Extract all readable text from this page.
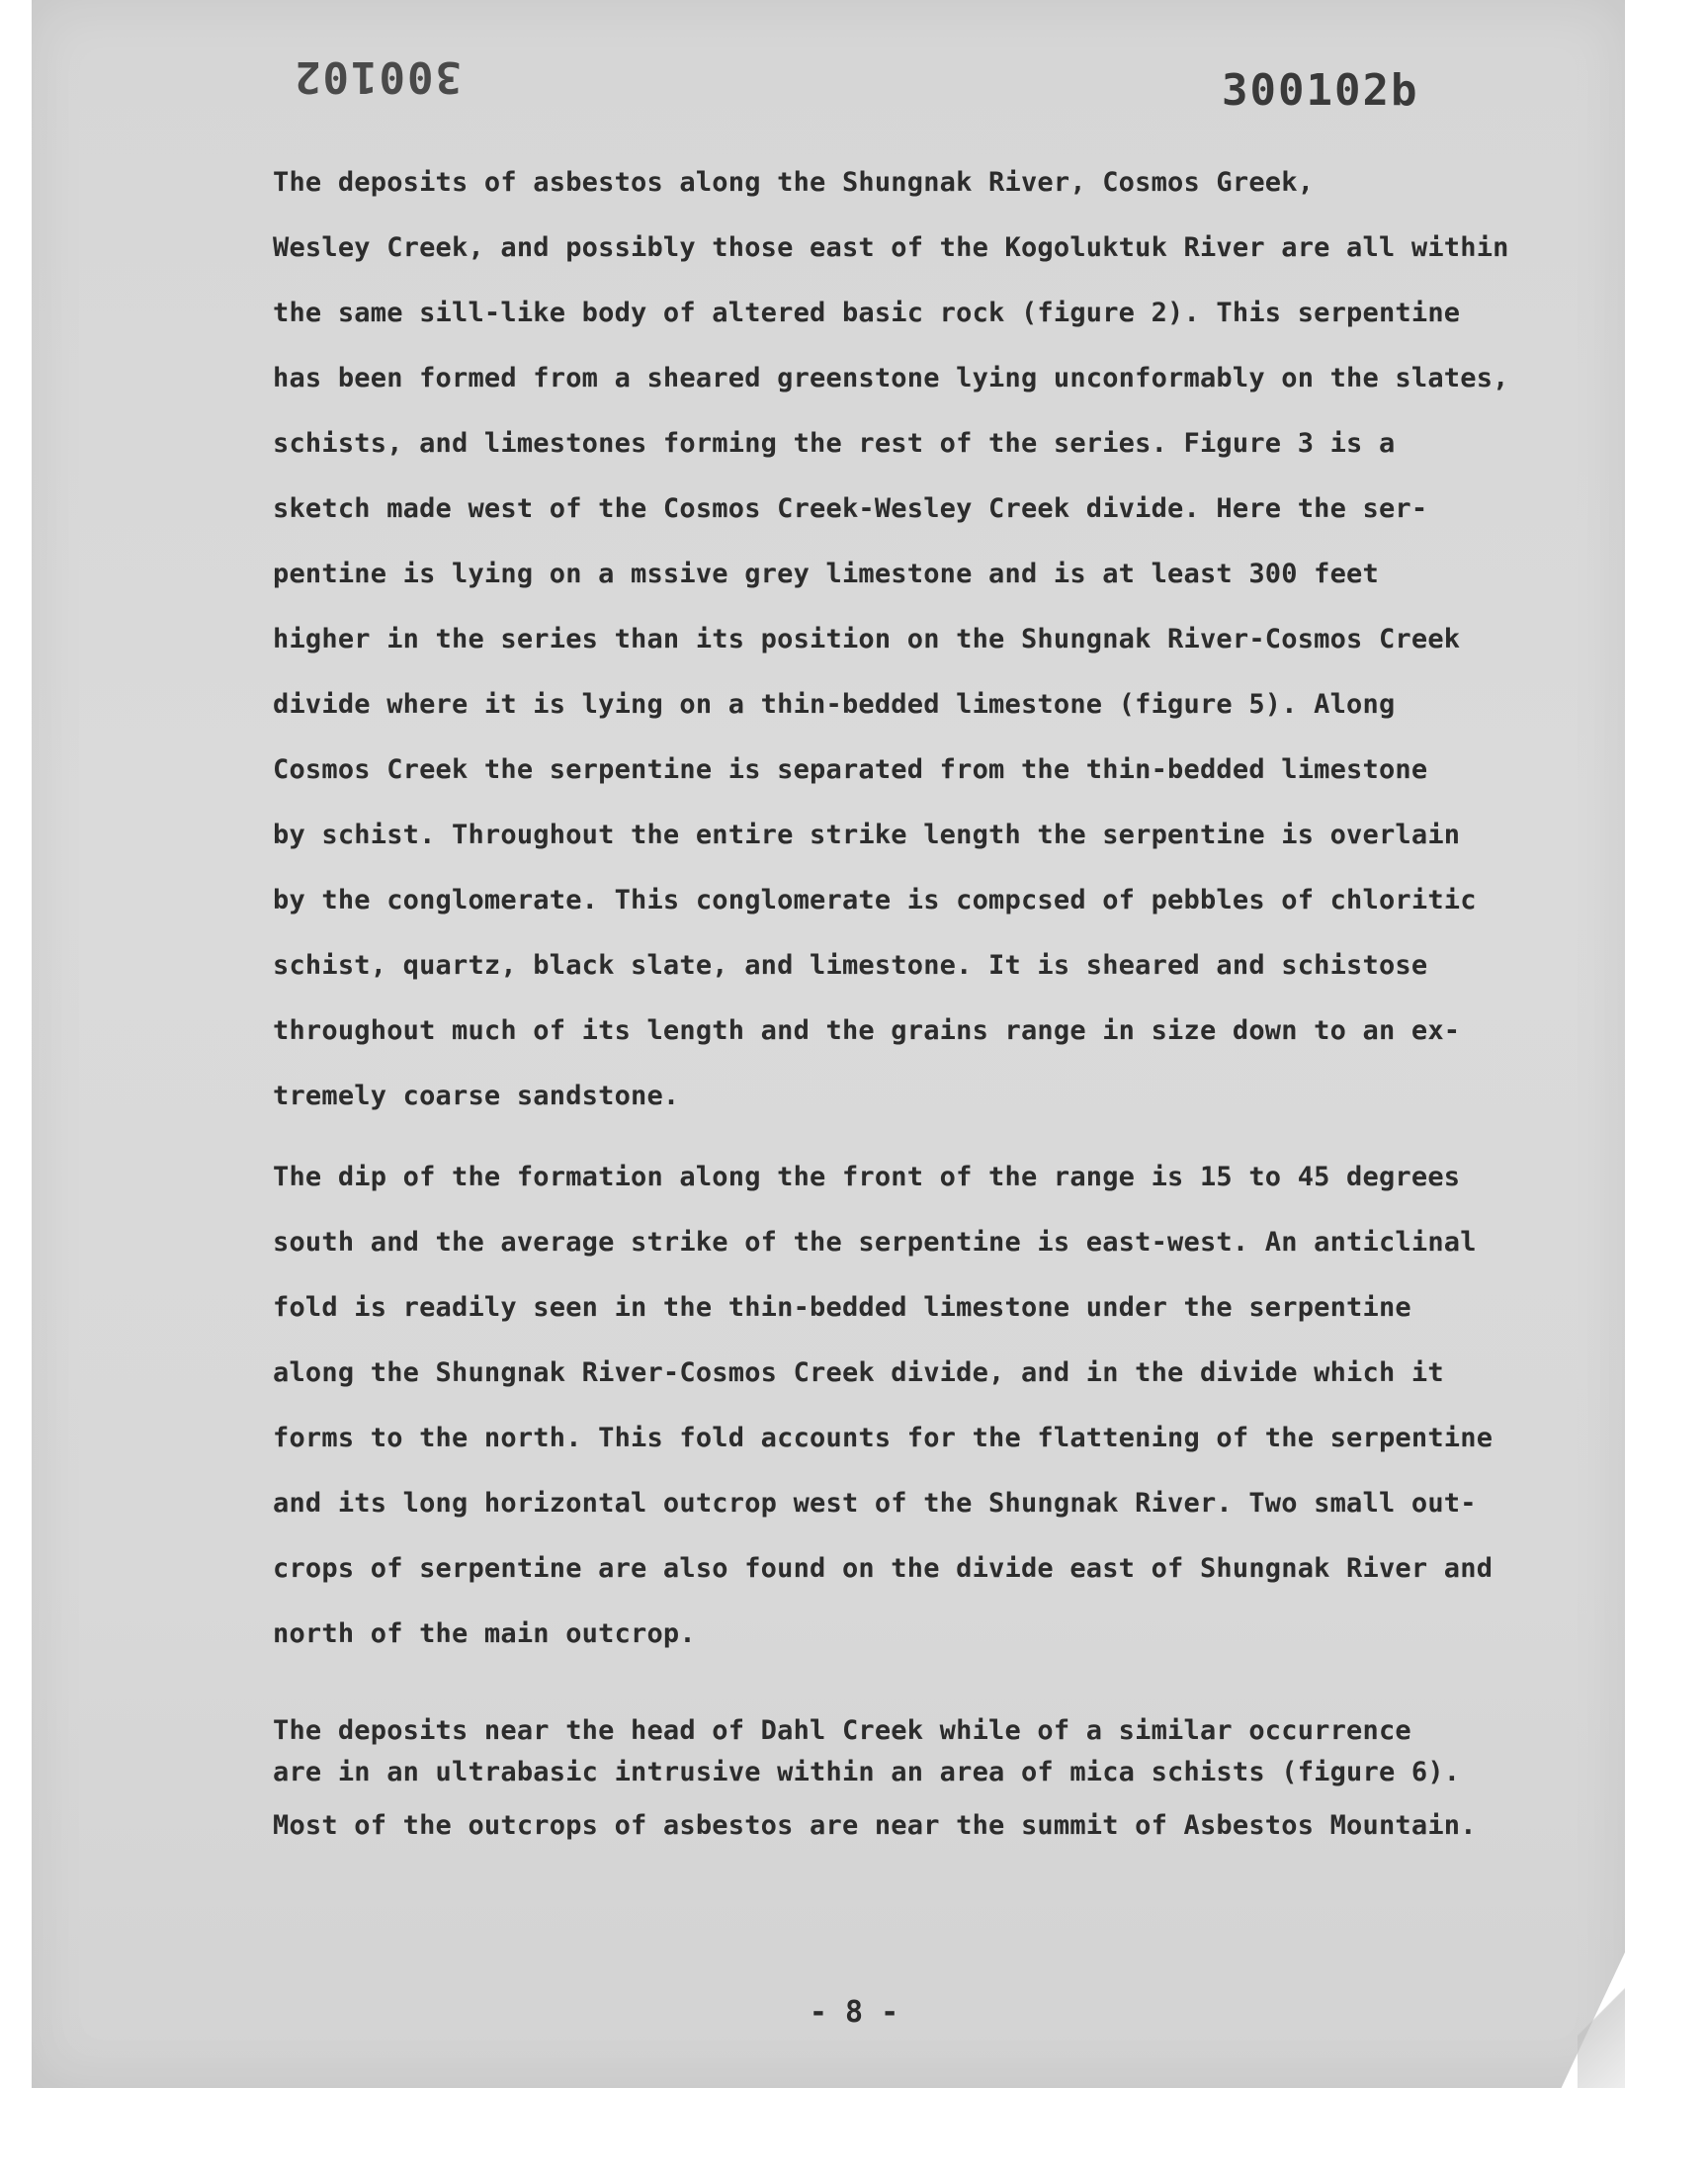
300102	300102b
The deposits of asbestos along the Shungnak River, Cosmos Greek,
Wesley Creek, and possibly those east of the Kogoluktuk River are all within
the same sill-like body of altered basic rock (figure 2). This serpentine
has been formed from a sheared greenstone lying unconformably on the slates,
schists, and limestones forming the rest of the series. Figure 3 is a
sketch made west of the Cosmos Creek-Wesley Creek divide. Here the ser-
pentine is lying on a mssive grey limestone and is at least 300 feet
higher in the series than its position on the Shungnak River-Cosmos Creek
divide where it is lying on a thin-bedded limestone (figure 5). Along
Cosmos Creek the serpentine is separated from the thin-bedded limestone
by schist. Throughout the entire strike length the serpentine is overlain
by the conglomerate. This conglomerate is compcsed of pebbles of chloritic
schist, quartz, black slate, and limestone. It is sheared and schistose
throughout much of its length and the grains range in size down to an ex-
tremely coarse sandstone.
The dip of the formation along the front of the range is 15 to 45 degrees
south and the average strike of the serpentine is east-west. An anticlinal
fold is readily seen in the thin-bedded limestone under the serpentine
along the Shungnak River-Cosmos Creek divide, and in the divide which it
forms to the north. This fold accounts for the flattening of the serpentine
and its long horizontal outcrop west of the Shungnak River. Two small out-
crops of serpentine are also found on the divide east of Shungnak River and
north of the main outcrop.

The deposits near the head of Dahl Creek while of a similar occurrence
are in an ultrabasic intrusive within an area of mica schists (figure 6).

Most of the outcrops of asbestos are near the summit of Asbestos Mountain.

- 8 -
